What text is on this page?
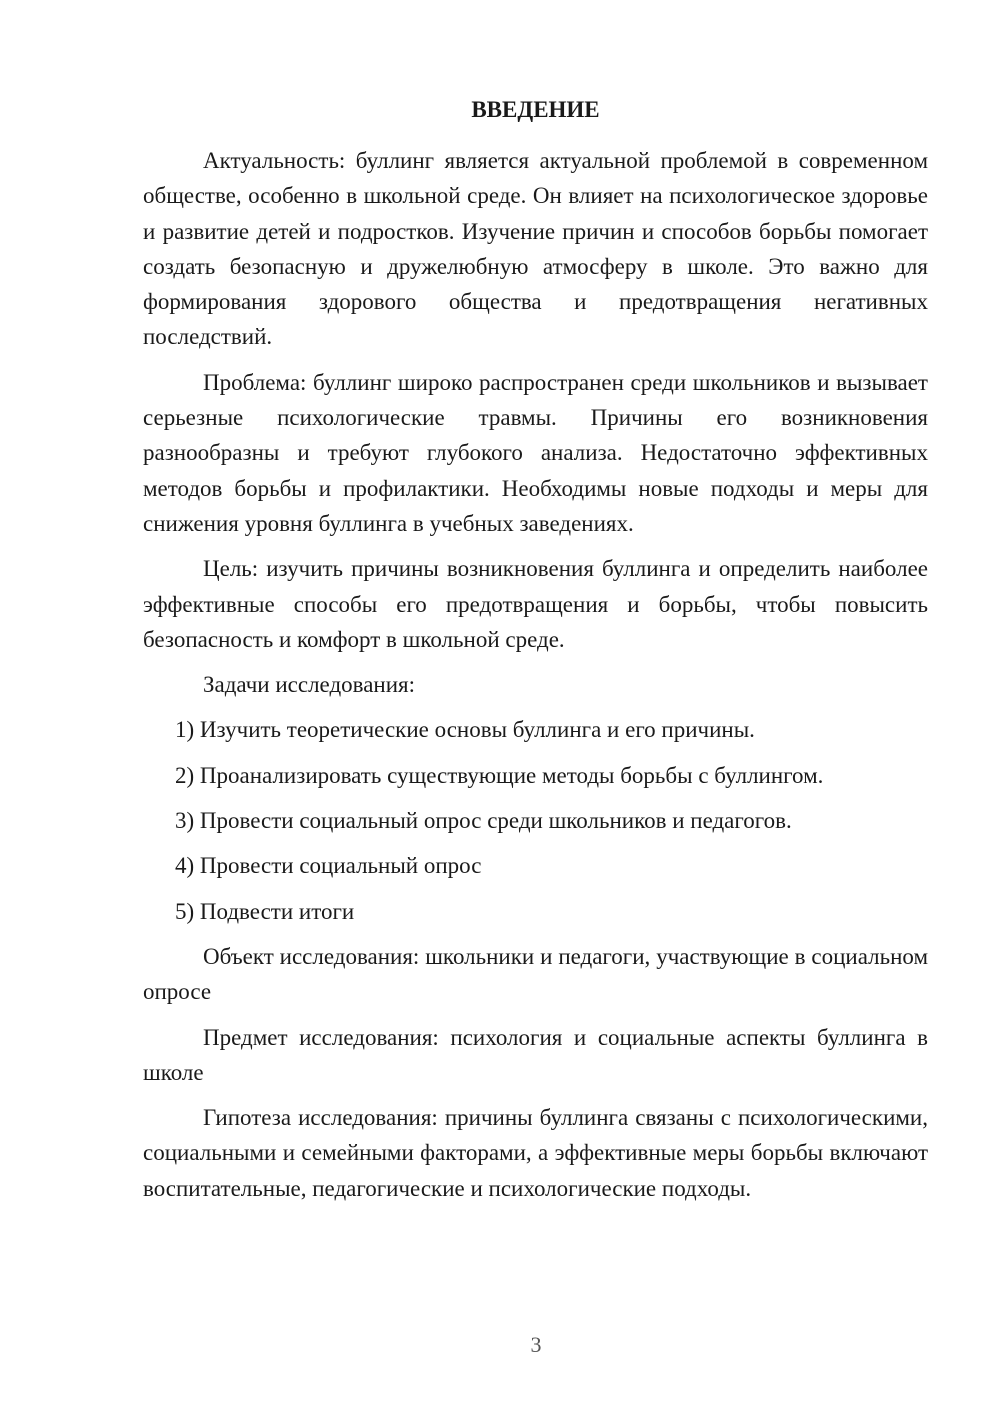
ВВЕДЕНИЕ

Актуальность: буллинг является актуальной проблемой в современном обществе, особенно в школьной среде. Он влияет на психологическое здоровье и развитие детей и подростков. Изучение причин и способов борьбы помогает создать безопасную и дружелюбную атмосферу в школе. Это важно для формирования здорового общества и предотвращения негативных последствий.

Проблема: буллинг широко распространен среди школьников и вызывает серьезные психологические травмы. Причины его возникновения разнообразны и требуют глубокого анализа. Недостаточно эффективных методов борьбы и профилактики. Необходимы новые подходы и меры для снижения уровня буллинга в учебных заведениях.

Цель: изучить причины возникновения буллинга и определить наиболее эффективные способы его предотвращения и борьбы, чтобы повысить безопасность и комфорт в школьной среде.

Задачи исследования:

1) Изучить теоретические основы буллинга и его причины.

2) Проанализировать существующие методы борьбы с буллингом.

3) Провести социальный опрос среди школьников и педагогов.

4) Провести социальный опрос

5) Подвести итоги

Объект исследования: школьники и педагоги, участвующие в социальном опросе

Предмет исследования: психология и социальные аспекты буллинга в школе

Гипотеза исследования: причины буллинга связаны с психологическими, социальными и семейными факторами, а эффективные меры борьбы включают воспитательные, педагогические и психологические подходы.

3
